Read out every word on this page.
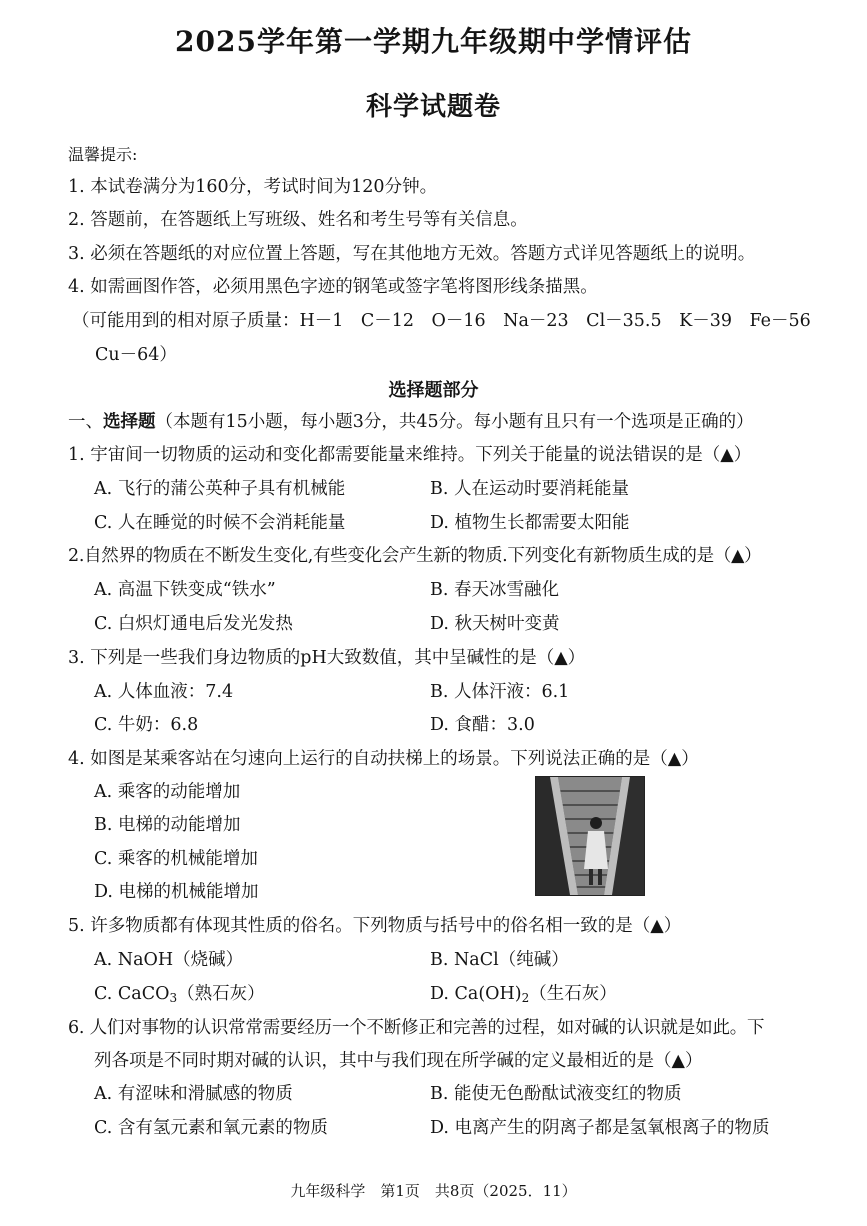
2025学年第一学期九年级期中学情评估
科学试题卷
温馨提示:
1. 本试卷满分为160分，考试时间为120分钟。
2. 答题前，在答题纸上写班级、姓名和考生号等有关信息。
3. 必须在答题纸的对应位置上答题，写在其他地方无效。答题方式详见答题纸上的说明。
4. 如需画图作答，必须用黑色字迹的钢笔或签字笔将图形线条描黑。
（可能用到的相对原子质量：H－1　C－12　O－16　Na－23　Cl－35.5　K－39　Fe－56
Cu－64）
选择题部分
一、选择题（本题有15小题，每小题3分，共45分。每小题有且只有一个选项是正确的）
1. 宇宙间一切物质的运动和变化都需要能量来维持。下列关于能量的说法错误的是（▲）
A. 飞行的蒲公英种子具有机械能	B. 人在运动时要消耗能量
C. 人在睡觉的时候不会消耗能量	D. 植物生长都需要太阳能
2.自然界的物质在不断发生变化,有些变化会产生新的物质.下列变化有新物质生成的是（▲）
A. 高温下铁变成“铁水”	B. 春天冰雪融化
C. 白炽灯通电后发光发热	D. 秋天树叶变黄
3. 下列是一些我们身边物质的pH大致数值，其中呈碱性的是（▲）
A. 人体血液：7.4	B. 人体汗液：6.1
C. 牛奶：6.8	D. 食醋：3.0
4. 如图是某乘客站在匀速向上运行的自动扶梯上的场景。下列说法正确的是（▲）
A. 乘客的动能增加
B. 电梯的动能增加
C. 乘客的机械能增加
D. 电梯的机械能增加
5. 许多物质都有体现其性质的俗名。下列物质与括号中的俗名相一致的是（▲）
A. NaOH（烧碱）	B. NaCl（纯碱）
C. CaCO$_3$（熟石灰）	D. $Ca(OH)_2$（生石灰）
6. 人们对事物的认识常常需要经历一个不断修正和完善的过程，如对碱的认识就是如此。下
列各项是不同时期对碱的认识，其中与我们现在所学碱的定义最相近的是（▲）
A. 有涩味和滑腻感的物质	B. 能使无色酚酞试液变红的物质
C. 含有氢元素和氧元素的物质	D. 电离产生的阴离子都是氢氧根离子的物质
九年级科学　第1页　共8页（2025．11）
